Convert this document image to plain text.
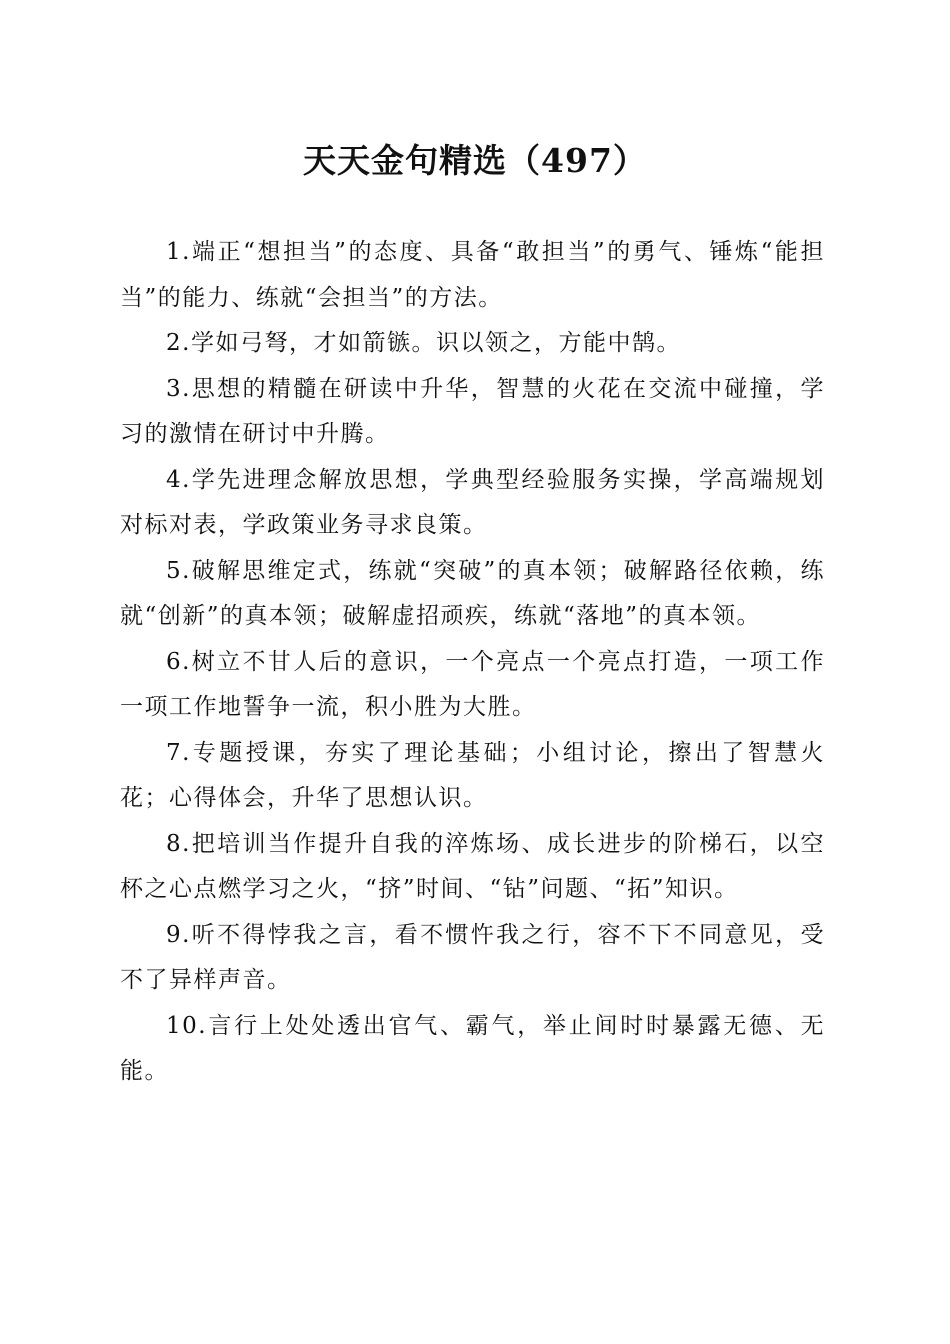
天天金句精选（497）

1.端正“想担当”的态度、具备“敢担当”的勇气、锤炼“能担当”的能力、练就“会担当”的方法。

2.学如弓弩，才如箭镞。识以领之，方能中鹄。

3.思想的精髓在研读中升华，智慧的火花在交流中碰撞，学习的激情在研讨中升腾。

4.学先进理念解放思想，学典型经验服务实操，学高端规划对标对表，学政策业务寻求良策。

5.破解思维定式，练就“突破”的真本领；破解路径依赖，练就“创新”的真本领；破解虚招顽疾，练就“落地”的真本领。

6.树立不甘人后的意识，一个亮点一个亮点打造，一项工作一项工作地誓争一流，积小胜为大胜。

7.专题授课，夯实了理论基础；小组讨论，擦出了智慧火花；心得体会，升华了思想认识。

8.把培训当作提升自我的淬炼场、成长进步的阶梯石，以空杯之心点燃学习之火，“挤”时间、“钻”问题、“拓”知识。

9.听不得悖我之言，看不惯忤我之行，容不下不同意见，受不了异样声音。

10.言行上处处透出官气、霸气，举止间时时暴露无德、无能。
